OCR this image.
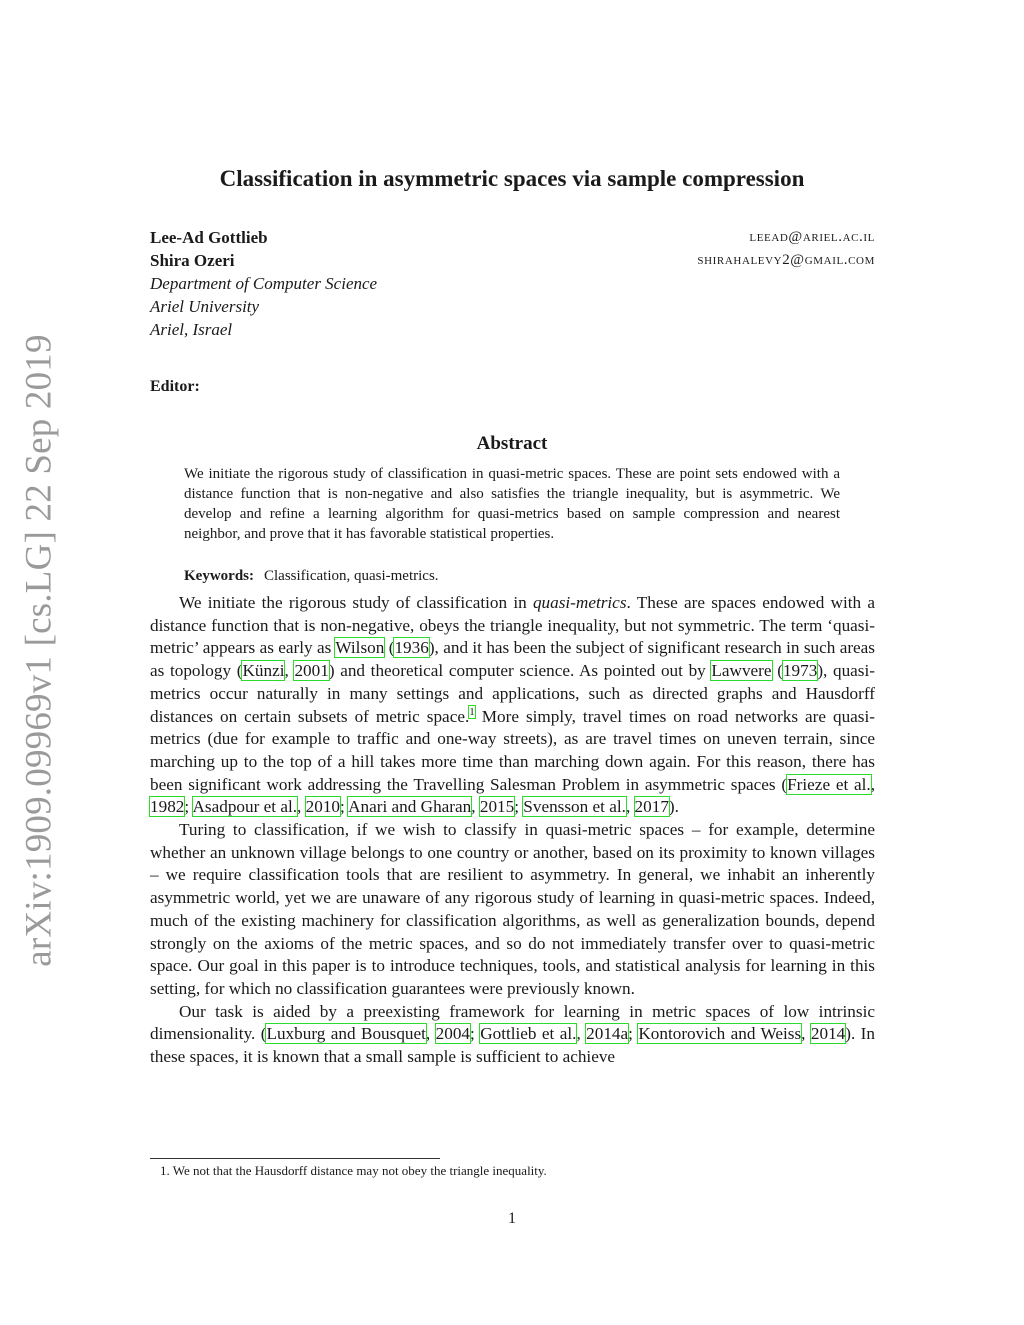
arXiv:1909.09969v1 [cs.LG] 22 Sep 2019
Classification in asymmetric spaces via sample compression
Lee-Ad Gottlieb	leead@ariel.ac.il
Shira Ozeri	shirahalevy2@gmail.com
Department of Computer Science
Ariel University
Ariel, Israel
Editor:
Abstract
We initiate the rigorous study of classification in quasi-metric spaces. These are point sets endowed with a distance function that is non-negative and also satisfies the triangle inequality, but is asymmetric. We develop and refine a learning algorithm for quasi-metrics based on sample compression and nearest neighbor, and prove that it has favorable statistical properties.
Keywords: Classification, quasi-metrics.

We initiate the rigorous study of classification in quasi-metrics. These are spaces endowed with a distance function that is non-negative, obeys the triangle inequality, but not symmetric. The term ‘quasi-metric’ appears as early as Wilson (1936), and it has been the subject of significant research in such areas as topology (Künzi, 2001) and theoretical computer science. As pointed out by Lawvere (1973), quasi-metrics occur naturally in many settings and applications, such as directed graphs and Hausdorff distances on certain subsets of metric space.$^1$ More simply, travel times on road networks are quasi-metrics (due for example to traffic and one-way streets), as are travel times on uneven terrain, since marching up to the top of a hill takes more time than marching down again. For this reason, there has been significant work addressing the Travelling Salesman Problem in asymmetric spaces (Frieze et al., 1982; Asadpour et al., 2010; Anari and Gharan, 2015; Svensson et al., 2017).

Turing to classification, if we wish to classify in quasi-metric spaces – for example, determine whether an unknown village belongs to one country or another, based on its proximity to known villages – we require classification tools that are resilient to asymmetry. In general, we inhabit an inherently asymmetric world, yet we are unaware of any rigorous study of learning in quasi-metric spaces. Indeed, much of the existing machinery for classification algorithms, as well as generalization bounds, depend strongly on the axioms of the metric spaces, and so do not immediately transfer over to quasi-metric space. Our goal in this paper is to introduce techniques, tools, and statistical analysis for learning in this setting, for which no classification guarantees were previously known.

Our task is aided by a preexisting framework for learning in metric spaces of low intrinsic dimensionality. (Luxburg and Bousquet, 2004; Gottlieb et al., 2014a; Kontorovich and Weiss, 2014). In these spaces, it is known that a small sample is sufficient to achieve

1. We not that the Hausdorff distance may not obey the triangle inequality.
1
